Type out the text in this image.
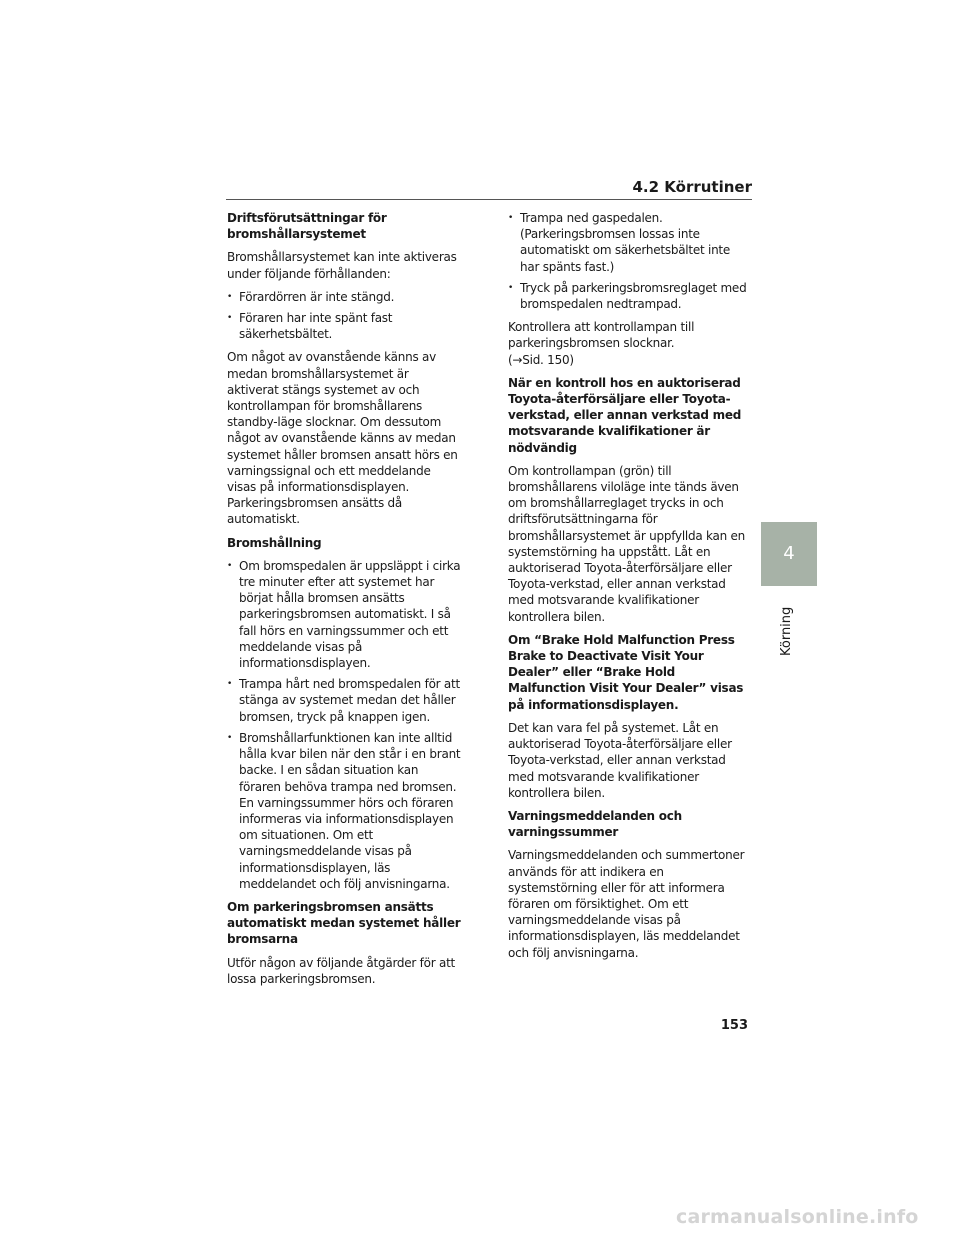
4.2 Körrutiner

Driftsförutsättningar för bromshållarsystemet

Bromshållarsystemet kan inte aktiveras under följande förhållanden:

• Förardörren är inte stängd.
• Föraren har inte spänt fast säkerhetsbältet.

Om något av ovanstående känns av medan bromshållarsystemet är aktiverat stängs systemet av och kontrollampan för bromshållarens standby-läge slocknar. Om dessutom något av ovanstående känns av medan systemet håller bromsen ansatt hörs en varningssignal och ett meddelande visas på informationsdisplayen. Parkeringsbromsen ansätts då automatiskt.

Bromshållning

• Om bromspedalen är uppsläppt i cirka tre minuter efter att systemet har börjat hålla bromsen ansätts parkeringsbromsen automatiskt. I så fall hörs en varningssummer och ett meddelande visas på informationsdisplayen.
• Trampa hårt ned bromspedalen för att stänga av systemet medan det håller bromsen, tryck på knappen igen.
• Bromshållarfunktionen kan inte alltid hålla kvar bilen när den står i en brant backe. I en sådan situation kan föraren behöva trampa ned bromsen. En varningssummer hörs och föraren informeras via informationsdisplayen om situationen. Om ett varningsmeddelande visas på informationsdisplayen, läs meddelandet och följ anvisningarna.

Om parkeringsbromsen ansätts automatiskt medan systemet håller bromsarna

Utför någon av följande åtgärder för att lossa parkeringsbromsen.

• Trampa ned gaspedalen. (Parkeringsbromsen lossas inte automatiskt om säkerhetsbältet inte har spänts fast.)
• Tryck på parkeringsbromsreglaget med bromspedalen nedtrampad.

Kontrollera att kontrollampan till parkeringsbromsen slocknar.
(→Sid. 150)

När en kontroll hos en auktoriserad Toyota-återförsäljare eller Toyota-verkstad, eller annan verkstad med motsvarande kvalifikationer är nödvändig

Om kontrollampan (grön) till bromshållarens viloläge inte tänds även om bromshållarreglaget trycks in och driftsförutsättningarna för bromshållarsystemet är uppfyllda kan en systemstörning ha uppstått. Låt en auktoriserad Toyota-återförsäljare eller Toyota-verkstad, eller annan verkstad med motsvarande kvalifikationer kontrollera bilen.

Om “Brake Hold Malfunction Press Brake to Deactivate Visit Your Dealer” eller “Brake Hold Malfunction Visit Your Dealer” visas på informationsdisplayen.

Det kan vara fel på systemet. Låt en auktoriserad Toyota-återförsäljare eller Toyota-verkstad, eller annan verkstad med motsvarande kvalifikationer kontrollera bilen.

Varningsmeddelanden och varningssummer

Varningsmeddelanden och summertoner används för att indikera en systemstörning eller för att informera föraren om försiktighet. Om ett varningsmeddelande visas på informationsdisplayen, läs meddelandet och följ anvisningarna.

4
Körning
153
carmanualsonline.info
